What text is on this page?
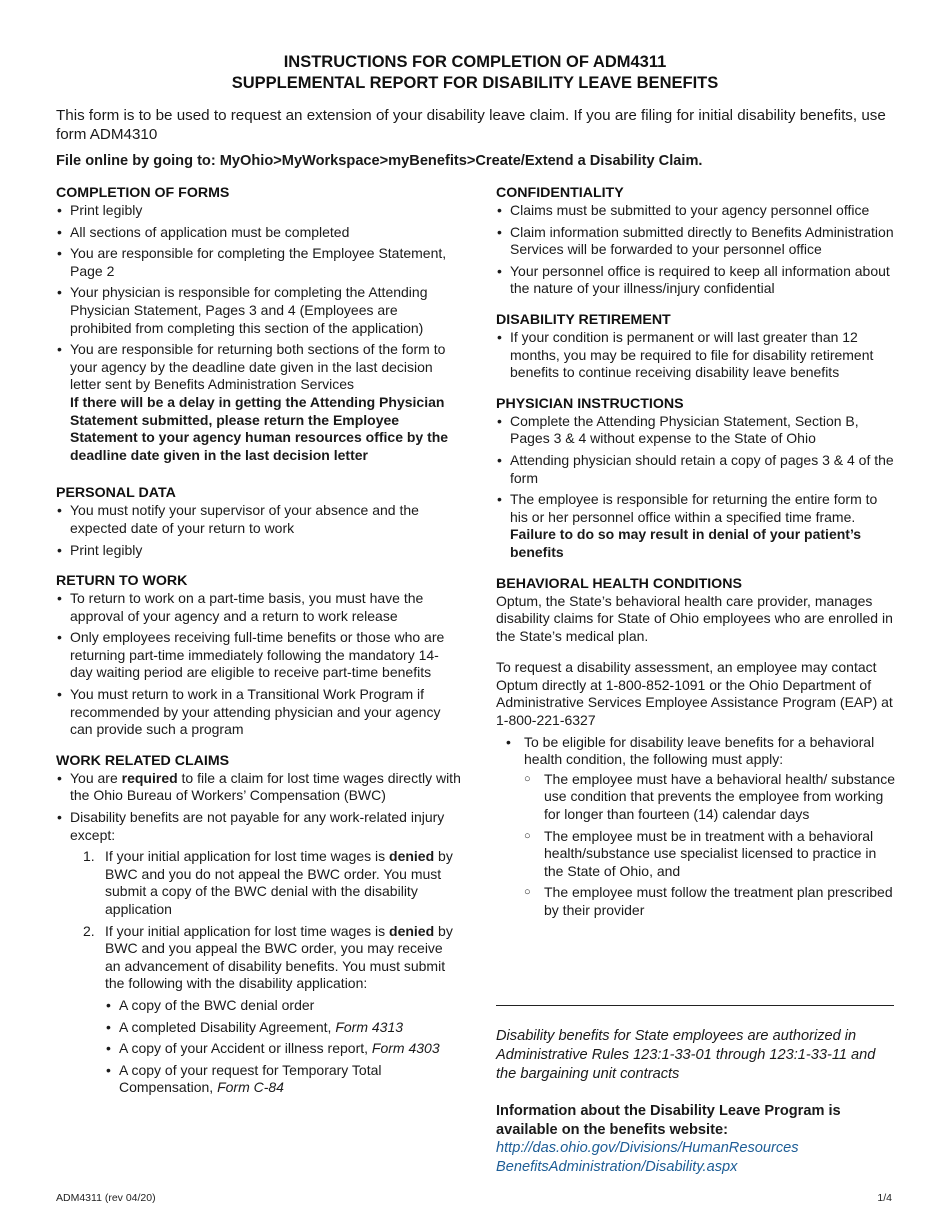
INSTRUCTIONS FOR COMPLETION OF ADM4311
SUPPLEMENTAL REPORT FOR DISABILITY LEAVE BENEFITS
This form is to be used to request an extension of your disability leave claim. If you are filing for initial disability benefits, use form ADM4310
File online by going to: MyOhio>MyWorkspace>myBenefits>Create/Extend a Disability Claim.
COMPLETION OF FORMS
• Print legibly
• All sections of application must be completed
• You are responsible for completing the Employee Statement, Page 2
• Your physician is responsible for completing the Attending Physician Statement, Pages 3 and 4 (Employees are prohibited from completing this section of the application)
• You are responsible for returning both sections of the form to your agency by the deadline date given in the last decision letter sent by Benefits Administration Services
If there will be a delay in getting the Attending Physician Statement submitted, please return the Employee Statement to your agency human resources office by the deadline date given in the last decision letter
PERSONAL DATA
• You must notify your supervisor of your absence and the expected date of your return to work
• Print legibly
RETURN TO WORK
• To return to work on a part-time basis, you must have the approval of your agency and a return to work release
• Only employees receiving full-time benefits or those who are returning part-time immediately following the mandatory 14-day waiting period are eligible to receive part-time benefits
• You must return to work in a Transitional Work Program if recommended by your attending physician and your agency can provide such a program
WORK RELATED CLAIMS
• You are required to file a claim for lost time wages directly with the Ohio Bureau of Workers’ Compensation (BWC)
• Disability benefits are not payable for any work-related injury except:
1. If your initial application for lost time wages is denied by BWC and you do not appeal the BWC order. You must submit a copy of the BWC denial with the disability application
2. If your initial application for lost time wages is denied by BWC and you appeal the BWC order, you may receive an advancement of disability benefits. You must submit the following with the disability application:
• A copy of the BWC denial order
• A completed Disability Agreement, Form 4313
• A copy of your Accident or illness report, Form 4303
• A copy of your request for Temporary Total Compensation, Form C-84
CONFIDENTIALITY
• Claims must be submitted to your agency personnel office
• Claim information submitted directly to Benefits Administration Services will be forwarded to your personnel office
• Your personnel office is required to keep all information about the nature of your illness/injury confidential
DISABILITY RETIREMENT
• If your condition is permanent or will last greater than 12 months, you may be required to file for disability retirement benefits to continue receiving disability leave benefits
PHYSICIAN INSTRUCTIONS
• Complete the Attending Physician Statement, Section B, Pages 3 & 4 without expense to the State of Ohio
• Attending physician should retain a copy of pages 3 & 4 of the form
• The employee is responsible for returning the entire form to his or her personnel office within a specified time frame. Failure to do so may result in denial of your patient’s benefits
BEHAVIORAL HEALTH CONDITIONS

Optum, the State’s behavioral health care provider, manages disability claims for State of Ohio employees who are enrolled in the State’s medical plan.

To request a disability assessment, an employee may contact Optum directly at 1-800-852-1091 or the Ohio Department of Administrative Services Employee Assistance Program (EAP) at 1-800-221-6327

• To be eligible for disability leave benefits for a behavioral health condition, the following must apply:
○ The employee must have a behavioral health/ substance use condition that prevents the employee from working for longer than fourteen (14) calendar days
○ The employee must be in treatment with a behavioral health/substance use specialist licensed to practice in the State of Ohio, and
○ The employee must follow the treatment plan prescribed by their provider
Disability benefits for State employees are authorized in Administrative Rules 123:1-33-01 through 123:1-33-11 and the bargaining unit contracts
Information about the Disability Leave Program is available on the benefits website:
http://das.ohio.gov/Divisions/HumanResources
BenefitsAdministration/Disability.aspx
ADM4311 (rev 04/20)	1/4
